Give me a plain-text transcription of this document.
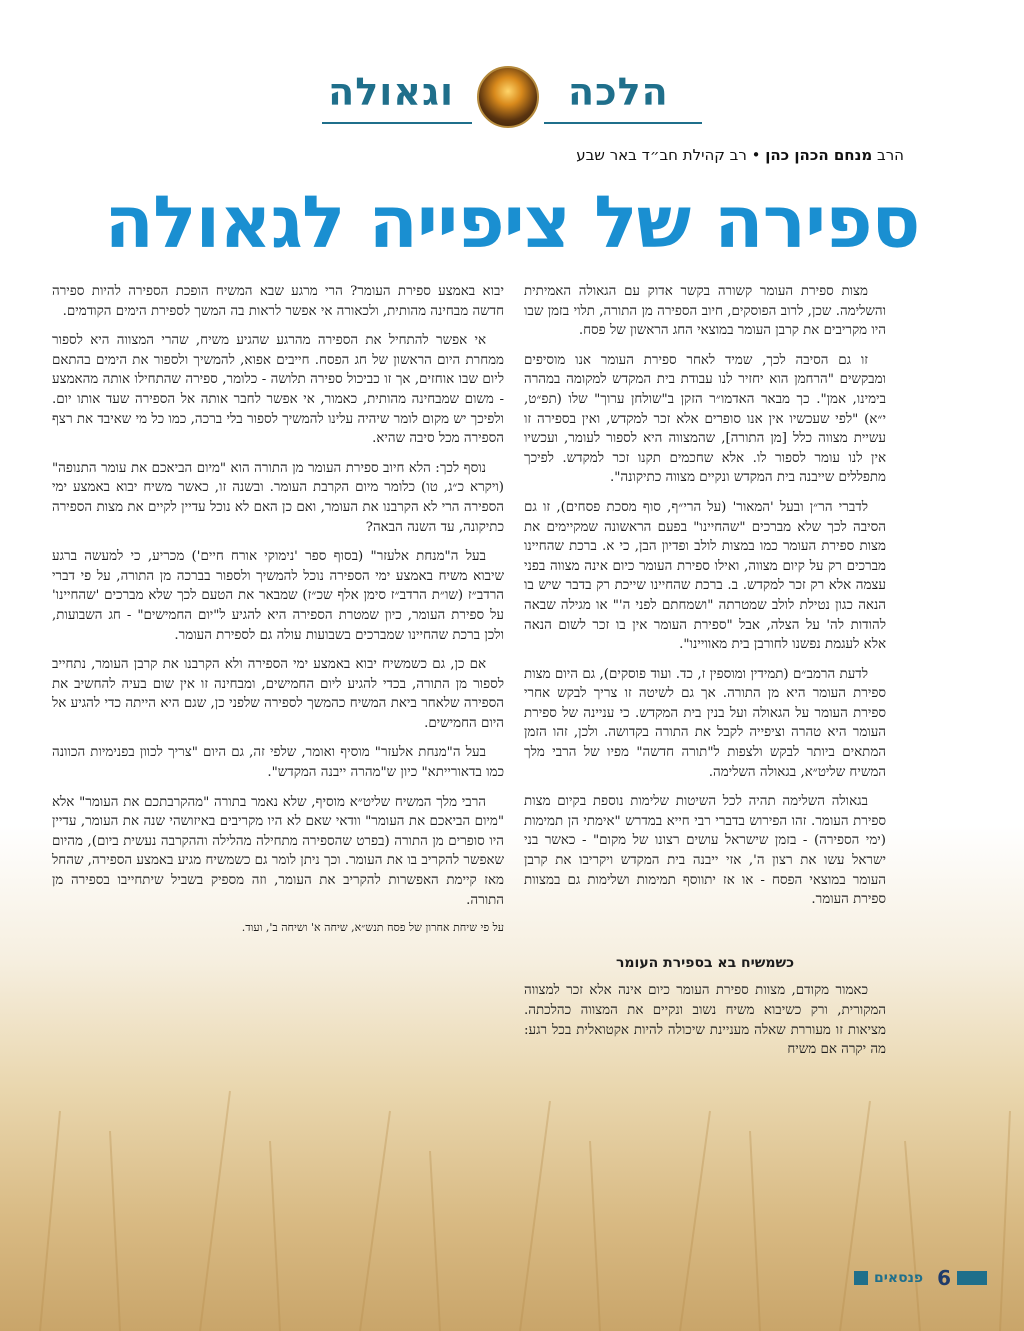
וגאולה	הלכה
הרב מנחם הכהן כהן • רב קהילת חב״ד באר שבע
ספירה של ציפייה לגאולה

מצות ספירת העומר קשורה בקשר אדוק עם הגאולה האמיתית והשלימה. שכן, לרוב הפוסקים, חיוב הספירה מן התורה, תלוי בזמן שבו היו מקריבים את קרבן העומר במוצאי החג הראשון של פסח.

זו גם הסיבה לכך, שמיד לאחר ספירת העומר אנו מוסיפים ומבקשים "הרחמן הוא יחזיר לנו עבודת בית המקדש למקומה במהרה בימינו, אמן". כך מבאר האדמו״ר הזקן ב"שולחן ערוך" שלו (תפ״ט, י״א) "לפי שעכשיו אין אנו סופרים אלא זכר למקדש, ואין בספירה זו עשיית מצווה כלל [מן התורה], שהמצווה היא לספור לעומר, ועכשיו אין לנו עומר לספור לו. אלא שחכמים תקנו זכר למקדש. לפיכך מתפללים שייבנה בית המקדש ונקיים מצווה כתיקונה".

לדברי הר״ן ובעל 'המאור' (על הרי״ף, סוף מסכת פסחים), זו גם הסיבה לכך שלא מברכים "שהחיינו" בפעם הראשונה שמקיימים את מצות ספירת העומר כמו במצות לולב ופדיון הבן, כי א. ברכת שהחיינו מברכים רק על קיום מצווה, ואילו ספירת העומר כיום אינה מצווה בפני עצמה אלא רק זכר למקדש. ב. ברכת שהחיינו שייכת רק בדבר שיש בו הנאה כגון נטילת לולב שמטרתה "ושמחתם לפני ה'" או מגילה שבאה להודות לה' על הצלה, אבל "ספירת העומר אין בו זכר לשום הנאה אלא לעגמת נפשנו לחורבן בית מאוויינו".

לדעת הרמב״ם (תמידין ומוספין ז, כד. ועוד פוסקים), גם היום מצות ספירת העומר היא מן התורה. אך גם לשיטה זו צריך לבקש אחרי ספירת העומר על הגאולה ועל בנין בית המקדש. כי עניינה של ספירת העומר היא טהרה וציפייה לקבל את התורה בקדושה. ולכן, זהו הזמן המתאים ביותר לבקש ולצפות ל"תורה חדשה" מפיו של הרבי מלך המשיח שליט״א, בגאולה השלימה.

בגאולה השלימה תהיה לכל השיטות שלימות נוספת בקיום מצות ספירת העומר. זהו הפירוש בדברי רבי חייא במדרש "אימתי הן תמימות (ימי הספירה) - בזמן שישראל עושים רצונו של מקום" - כאשר בני ישראל עשו את רצון ה', אזי ייבנה בית המקדש ויקריבו את קרבן העומר במוצאי הפסח - או אז יתווסף תמימות ושלימות גם במצוות ספירת העומר.

כשמשיח בא בספירת העומר

כאמור מקודם, מצוות ספירת העומר כיום אינה אלא זכר למצווה המקורית, ורק כשיבוא משיח נשוב ונקיים את המצווה כהלכתה. מציאות זו מעוררת שאלה מעניינת שיכולה להיות אקטואלית בכל רגע: מה יקרה אם משיח

יבוא באמצע ספירת העומר? הרי מרגע שבא המשיח הופכת הספירה להיות ספירה חדשה מבחינה מהותית, ולכאורה אי אפשר לראות בה המשך לספירת הימים הקודמים.

אי אפשר להתחיל את הספירה מהרגע שהגיע משיח, שהרי המצווה היא לספור ממחרת היום הראשון של חג הפסח. חייבים אפוא, להמשיך ולספור את הימים בהתאם ליום שבו אוחזים, אך זו כביכול ספירה תלושה - כלומר, ספירה שהתחילו אותה מהאמצע - משום שמבחינה מהותית, כאמור, אי אפשר לחבר אותה אל הספירה שעד אותו יום. ולפיכך יש מקום לומר שיהיה עלינו להמשיך לספור בלי ברכה, כמו כל מי שאיבד את רצף הספירה מכל סיבה שהיא.

נוסף לכך: הלא חיוב ספירת העומר מן התורה הוא "מיום הביאכם את עומר התנופה" (ויקרא כ״ג, טו) כלומר מיום הקרבת העומר. ובשנה זו, כאשר משיח יבוא באמצע ימי הספירה הרי לא הקרבנו את העומר, ואם כן האם לא נוכל עדיין לקיים את מצות הספירה כתיקונה, עד השנה הבאה?

בעל ה"מנחת אלעזר" (בסוף ספר 'נימוקי אורח חיים') מכריע, כי למעשה ברגע שיבוא משיח באמצע ימי הספירה נוכל להמשיך ולספור בברכה מן התורה, על פי דברי הרדב״ז (שו״ת הרדב״ז סימן אלף שכ״ז) שמבאר את הטעם לכך שלא מברכים 'שהחיינו' על ספירת העומר, כיון שמטרת הספירה היא להגיע ל"יום החמישים" - חג השבועות, ולכן ברכת שהחיינו שמברכים בשבועות עולה גם לספירת העומר.

אם כן, גם כשמשיח יבוא באמצע ימי הספירה ולא הקרבנו את קרבן העומר, נתחייב לספור מן התורה, בכדי להגיע ליום החמישים, ומבחינה זו אין שום בעיה להחשיב את הספירה שלאחר ביאת המשיח כהמשך לספירה שלפני כן, שגם היא הייתה כדי להגיע אל היום החמישים.

בעל ה"מנחת אלעזר" מוסיף ואומר, שלפי זה, גם היום "צריך לכוון בפנימיות הכוונה כמו בדאורייתא" כיון ש"מהרה ייבנה המקדש".

הרבי מלך המשיח שליט״א מוסיף, שלא נאמר בתורה "מהקרבתכם את העומר" אלא "מיום הביאכם את העומר" וודאי שאם לא היו מקריבים באיזושהי שנה את העומר, עדיין היו סופרים מן התורה (בפרט שהספירה מתחילה מהלילה וההקרבה נעשית ביום), מהיום שאפשר להקריב בו את העומר. וכך ניתן לומר גם כשמשיח מגיע באמצע הספירה, שהחל מאז קיימת האפשרות להקריב את העומר, וזה מספיק בשביל שיתחייבו בספירה מן התורה.

על פי שיחת אחרון של פסח תנש״א, שיחה א' ושיחה ב', ועוד.
פנסאים 6
